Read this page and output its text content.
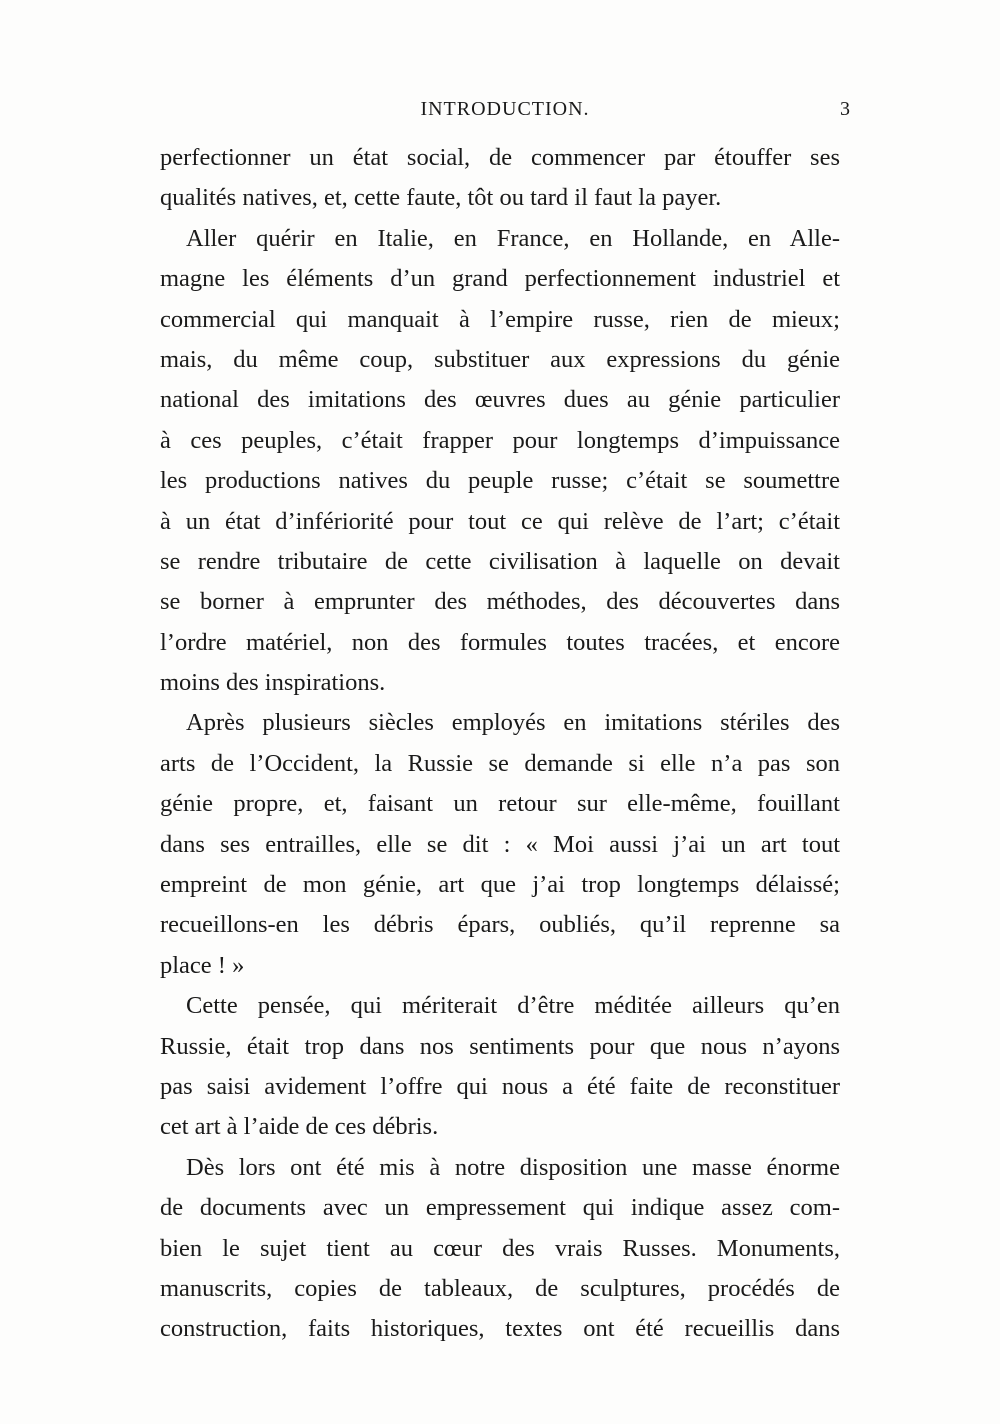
INTRODUCTION.	3
perfectionner un état social, de commencer par étouffer ses
qualités natives, et, cette faute, tôt ou tard il faut la payer.
Aller quérir en Italie, en France, en Hollande, en Alle-
magne les éléments d’un grand perfectionnement industriel et
commercial qui manquait à l’empire russe, rien de mieux;
mais, du même coup, substituer aux expressions du génie
national des imitations des œuvres dues au génie particulier
à ces peuples, c’était frapper pour longtemps d’impuissance
les productions natives du peuple russe; c’était se soumettre
à un état d’infériorité pour tout ce qui relève de l’art; c’était
se rendre tributaire de cette civilisation à laquelle on devait
se borner à emprunter des méthodes, des découvertes dans
l’ordre matériel, non des formules toutes tracées, et encore
moins des inspirations.
Après plusieurs siècles employés en imitations stériles des
arts de l’Occident, la Russie se demande si elle n’a pas son
génie propre, et, faisant un retour sur elle-même, fouillant
dans ses entrailles, elle se dit : « Moi aussi j’ai un art tout
empreint de mon génie, art que j’ai trop longtemps délaissé;
recueillons-en les débris épars, oubliés, qu’il reprenne sa
place ! »
Cette pensée, qui mériterait d’être méditée ailleurs qu’en
Russie, était trop dans nos sentiments pour que nous n’ayons
pas saisi avidement l’offre qui nous a été faite de reconstituer
cet art à l’aide de ces débris.
Dès lors ont été mis à notre disposition une masse énorme
de documents avec un empressement qui indique assez com-
bien le sujet tient au cœur des vrais Russes. Monuments,
manuscrits, copies de tableaux, de sculptures, procédés de
construction, faits historiques, textes ont été recueillis dans
